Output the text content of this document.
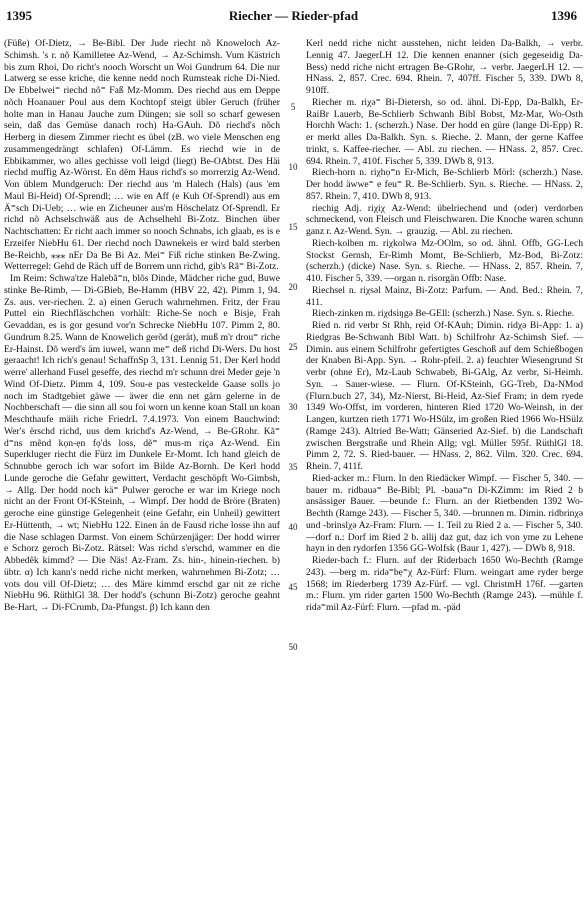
1395	Riecher — Rieder-pfad	1396

(Füße) Of-Dietz, → Be-Bibl. Der Jude riecht nõ Knoweloch Az-Schimsh. 's r. nõ Kamilletee Az-Wend, → Az-Schimsh. Vum Kästrich bis zum Rhoi, Do richt's nooch Worscht un Woi Gundrum 64. Die nur Latwerg se esse kriche, die kenne nedd noch Rumsteak riche Di-Nied. De Ebbelwei⁼ riechd nõ⁼ Faß Mz-Momm. Des riechd aus em Deppe nõch Hoanauer Poul aus dem Kochtopf steigt übler Geruch (früher holte man in Hanau Jauche zum Düngen; sie soll so scharf gewesen sein, daß das Gemüse danach roch) Ha-GAuh. Dõ riechd's nõch Herberg in diesem Zimmer riecht es übel (zB. wo viele Menschen eng zusammengedrängt schlafen) Of-Lämm. Es riechd wie in de Ebbikammer, wo alles gechisse voll leigd (liegt) Be-OAbtst. Des Häi riechd muffig Az-Wörrst. En dẽm Haus richd's so morrerzig Az-Wend. Von üblem Mundgeruch: Der riechd aus 'm Halech (Hals) (aus 'em Maul Bi-Heid) Of-Sprendl; … wie en Aff (e Kuh Of-Sprendl) aus em Ä⁼sch Di-Ueb; … wie en Zicheuner aus'm Höschelatz Of-Sprendl. Er richd nõ Achselschwäß aus de Achselhehl Bi-Zotz. Binchen über Nachtschatten: Er richt aach immer so nooch Schnabs, ich glaab, es is e Erzeifer NiebHu 61. Der riechd noch Dawnekeis er wird bald sterben Be-Reichb, ⁎⁎⁎ nEr Da Be Bi Az. Mei⁼ Fiß riche stinken Be-Zwing. Wetterregel: Gehd de Räch uff de Borrem unn richd, gib's Rã⁼ Bi-Zotz.

Im Reim: Schwa'tze Halebã⁼n, blõs Dinde, Mädcher riche gud, Buwe stinke Be-Rimb, — Di-GBieb, Be-Hamm (HBV 22, 42). Pimm 1, 94. Zs. aus. ver-riechen. 2. a) einen Geruch wahrnehmen. Fritz, der Frau Puttel ein Riechfläschchen vorhält: Riche-Se noch e Bisje, Frah Gevaddan, es is gor gesund vor'n Schrecke NiebHu 107. Pimm 2, 80. Gundrum 8.25. Wann de Knowelich gerõd (gerät), muß m'r drou⁼ riche Er-Hainst. Dõ werd's äm iuwel, wann me⁼ deß richd Di-Wers. Du host geraacht! Ich rich's genau! SchaffnSp 3, 131. Lennig 51. Der Kerl hodd werre' allerhand Fusel geseffe, des riechd m'r schunn drei Meder geje 'n Wind Of-Dietz. Pimm 4, 109. Sou-e pas vesteckelde Gaase solls jo noch im Stadtgebiet gäwe — äwer die enn net gärn gelerne in de Nochberschaft — die sinn all sou foi worn un kenne koan Stall un koan Meschthaufe mäih riche FriedrL 7.4.1973. Von einem Bauchwind: Wer's ërschd richd, uus dem krichd's Az-Wend, → Be-GRohr. Kã⁼ d⁼ns mẽnd kọn-ẹn fọ'ds loss, dẽ⁼ mus-m riçə Az-Wend. Ein Superkluger riecht die Fürz im Dunkele Er-Momt. Ich hand gleich de Schnubbe geroch ich war sofort im Bilde Az-Bornh. De Kerl hodd Lunde geroche die Gefahr gewittert, Verdacht geschöpft Wo-Gimbsh, → Allg. Der hodd noch kä⁼ Pulwer geroche er war im Kriege noch nicht an der Front Of-KSteinh, → Wimpf. Der hodd de Bröre (Braten) geroche eine günstige Gelegenheit (eine Gefahr, ein Unheil) gewittert Er-Hüttenth, → wt; NiebHu 122. Einen än de Fausd riche losse ihn auf die Nase schlagen Darmst. Von einem Schürzenjäger: Der hodd wirrer e Schorz geroch Bi-Zotz. Rätsel: Was richd s'erschd, wammer en die Abbedêk kimmd? — Die Näs! Az-Fram. Zs. hin-, hinein-riechen. b) übtr. α) Ich kann's nedd riche nicht merken, wahrnehmen Bi-Zotz; … vots dou vill Of-Dietz; … des Märe kimmd erschd gar nit ze riche NiebHu 96. RüthlGl 38. Der hodd's (schunn Bi-Zotz) geroche geahnt Be-Hart, → Di-FCrumb, Da-Pfungst. β) Ich kann den

5
10
15
20
25
30
35
40
45
50

Kerl nedd riche nicht ausstehen, nicht leiden Da-Balkh, → verbr. Lennig 47. JaegerLH 12. Die kennen enanner (sich gegeseidig Da-Bess) nedd riche nicht ertragen Be-GRohr, → verbr. JaegerLH 12. — HNass. 2, 857. Crec. 694. Rhein. 7, 407ff. Fischer 5, 339. DWb 8, 910ff.

Riecher m. riχə⁼ Bi-Dietersh, so od. ähnl. Di-Epp, Da-Balkh, Er-RaiBr Lauerb, Be-Schlierb Schwanh Bibl Bobst, Mz-Mar, Wo-Osth Horchh Wach: 1. (scherzh.) Nase. Der hodd en güre (lange Di-Epp) R. er merkt alles Da-Balkh. Syn. s. Rieche. 2. Mann, der gerne Kaffee trinkt, s. Kaffee-riecher. — Abl. zu riechen. — HNass. 2, 857. Crec. 694. Rhein. 7, 410f. Fischer 5, 339. DWb 8, 913.

Riech-horn n. riχhọ⁼n Er-Mich, Be-Schlierb Mörl: (scherzh.) Nase. Der hodd äwwe⁼ e feu⁼ R. Be-Schlierb. Syn. s. Rieche. — HNass. 2, 857. Rhein. 7, 410. DWb 8, 913.

riechig Adj. riχiχ Az-Wend: übelriechend und (oder) verdorben schmeckend, von Fleisch und Fleischwaren. Die Knoche waren schunn ganz r. Az-Wend. Syn. → grauzig. — Abl. zu riechen.

Riech-kolben m. riχkolwə Mz-OOlm, so od. ähnl. Offb, GG-Lech Stockst Gernsh, Er-Rimh Momt, Be-Schlierb, Mz-Bod, Bi-Zotz: (scherzh.) (dicke) Nase. Syn. s. Rieche. — HNass. 2, 857. Rhein. 7, 410. Fischer 5, 339. —organ n. risorgän Offb: Nase.

Riechsel n. riχsəl Mainz, Bi-Zotz: Parfum. — And. Bed.: Rhein. 7, 411.

Riech-zinken m. riχdsiŋgə Be-GEll: (scherzh.) Nase. Syn. s. Rieche.

Ried n. rid verbr St Rhh, rẹid Of-KAuh; Dimin. ridχə Bi-App: 1. a) Riedgras Be-Schwanh Bibl Watt. b) Schilfrohr Az-Schimsh Sief. — Dimin. aus einem Schilfrohr gefertigtes Geschoß auf dem Schießbogen der Knaben Bi-App. Syn. → Rohr-pfeil. 2. a) feuchter Wiesengrund St verbr (ohne Er), Mz-Laub Schwabeb, Bi-GAlg, Az verbr, Si-Heimh. Syn. → Sauer-wiese. — Flurn. Of-KSteinh, GG-Treb, Da-NMod (Flurn.buch 27, 34), Mz-Nierst, Bi-Heid, Az-Sief Fram; in dem ryede 1349 Wo-Offst, im vorderen, hinteren Ried 1720 Wo-Weinsh, in der Langen, kurtzen rieth 1771 Wo-HSülz, im großen Ried 1966 Wo-HSülz (Ramge 243). Altried Be-Watt; Gänseried Az-Sief. b) die Landschaft zwischen Bergstraße und Rhein Allg; vgl. Müller 595f. RüthlGl 18. Pimm 2, 72. S. Ried-bauer. — HNass. 2, 862. Vilm. 320. Crec. 694. Rhein. 7, 411f.

Ried-acker m.: Flurn. In den Riedäcker Wimpf. — Fischer 5, 340. —bauer m. ridbauə⁼ Be-Bibl; Pl. -bauə⁼n Di-KZimm: im Ried 2 b ansässiger Bauer. —beunde f.: Flurn. an der Rietbenden 1392 Wo-Bechth (Ramge 243). — Fischer 5, 340. —brunnen m. Dimin. ridbrinχə und -brinslχə Az-Fram: Flurn. — 1. Teil zu Ried 2 a. — Fischer 5, 340. —dorf n.: Dorf im Ried 2 b. allij daz gut, daz ich von yme zu Lehene hayn in den rydorfen 1356 GG-Wolfsk (Baur 1, 427). — DWb 8, 918.

Rieder-bach f.: Flurn. auf der Riderbach 1650 Wo-Bechth (Ramge 243). —berg m. ridə⁼bẹ⁼χ Az-Fürf: Flurn. weingart ame ryder berge 1568; im Riederberg 1739 Az-Fürf. — vgl. ChristmH 176f. —garten m.: Flurn. ym rider garten 1500 Wo-Bechth (Ramge 243). —mühle f. ridə⁼mil Az-Fürf: Flurn. —pfad m. -päd
